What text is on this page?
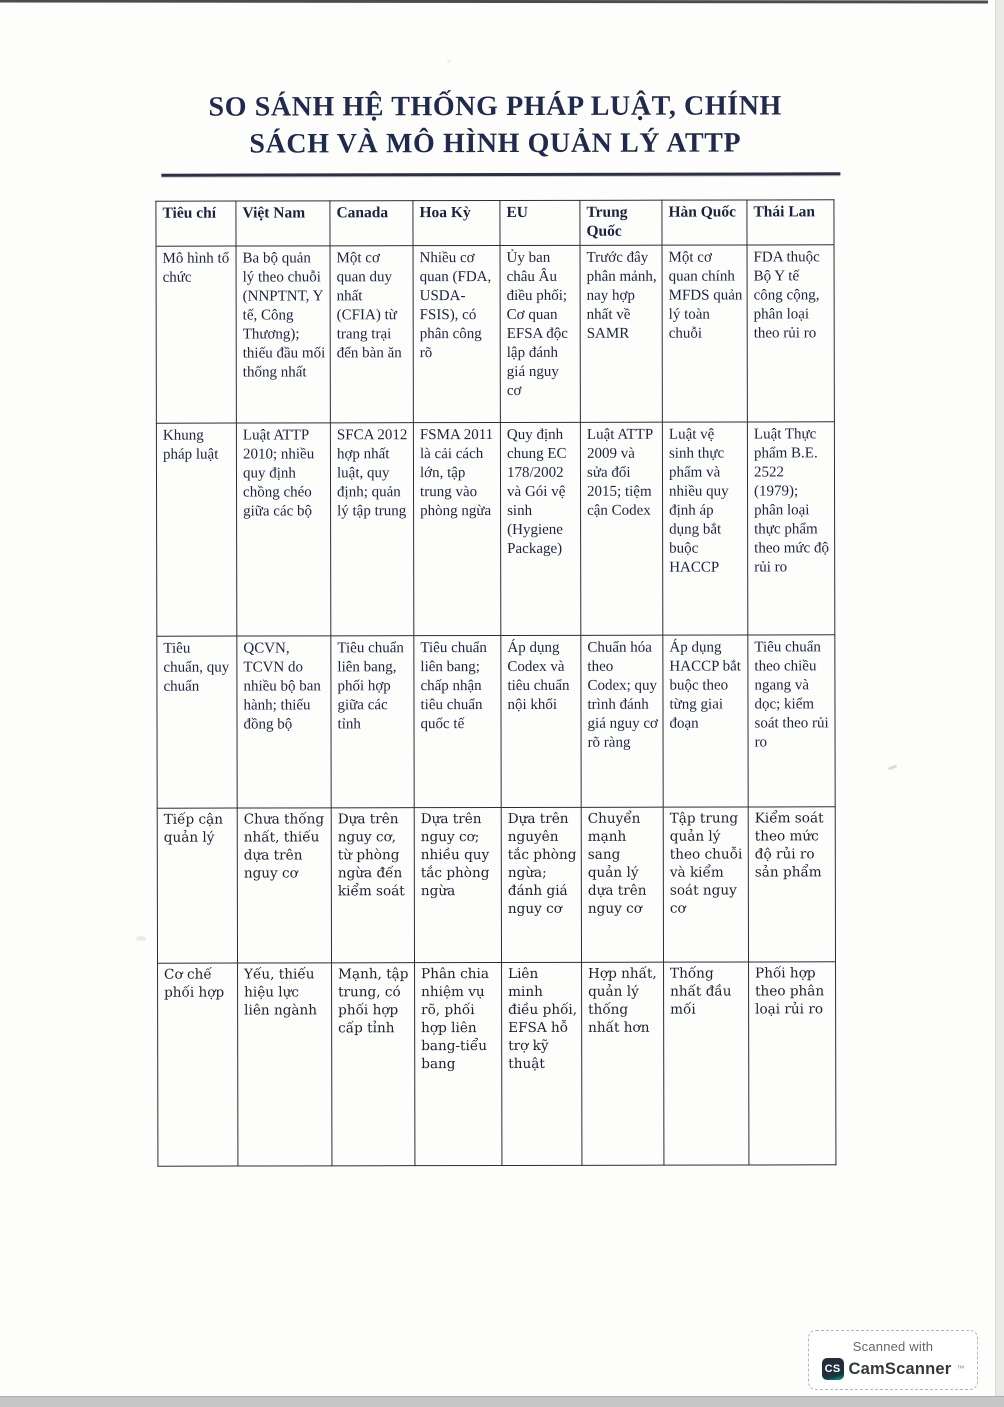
SO SÁNH HỆ THỐNG PHÁP LUẬT, CHÍNH
SÁCH VÀ MÔ HÌNH QUẢN LÝ ATTP
Tiêu chí	Việt Nam	Canada	Hoa Kỳ	EU	Trung Quốc	Hàn Quốc	Thái Lan
Mô hình tổ chức	Ba bộ quản lý theo chuỗi (NNPTNT, Y tế, Công Thương); thiếu đầu mối thống nhất	Một cơ quan duy nhất (CFIA) từ trang trại đến bàn ăn	Nhiều cơ quan (FDA, USDA-FSIS), có phân công rõ	Ủy ban châu Âu điều phối; Cơ quan EFSA độc lập đánh giá nguy cơ	Trước đây phân mảnh, nay hợp nhất về SAMR	Một cơ quan chính MFDS quản lý toàn chuỗi	FDA thuộc Bộ Y tế công cộng, phân loại theo rủi ro
Khung pháp luật	Luật ATTP 2010; nhiều quy định chồng chéo giữa các bộ	SFCA 2012 hợp nhất luật, quy định; quản lý tập trung	FSMA 2011 là cải cách lớn, tập trung vào phòng ngừa	Quy định chung EC 178/2002 và Gói vệ sinh (Hygiene Package)	Luật ATTP 2009 và sửa đổi 2015; tiệm cận Codex	Luật vệ sinh thực phẩm và nhiều quy định áp dụng bắt buộc HACCP	Luật Thực phẩm B.E. 2522 (1979); phân loại thực phẩm theo mức độ rủi ro
Tiêu chuẩn, quy chuẩn	QCVN, TCVN do nhiều bộ ban hành; thiếu đồng bộ	Tiêu chuẩn liên bang, phối hợp giữa các tỉnh	Tiêu chuẩn liên bang; chấp nhận tiêu chuẩn quốc tế	Áp dụng Codex và tiêu chuẩn nội khối	Chuẩn hóa theo Codex; quy trình đánh giá nguy cơ rõ ràng	Áp dụng HACCP bắt buộc theo từng giai đoạn	Tiêu chuẩn theo chiều ngang và dọc; kiểm soát theo rủi ro
Tiếp cận quản lý	Chưa thống nhất, thiếu dựa trên nguy cơ	Dựa trên nguy cơ, từ phòng ngừa đến kiểm soát	Dựa trên nguy cơ; nhiều quy tắc phòng ngừa	Dựa trên nguyên tắc phòng ngừa; đánh giá nguy cơ	Chuyển mạnh sang quản lý dựa trên nguy cơ	Tập trung quản lý theo chuỗi và kiểm soát nguy cơ	Kiểm soát theo mức độ rủi ro sản phẩm
Cơ chế phối hợp	Yếu, thiếu hiệu lực liên ngành	Mạnh, tập trung, có phối hợp cấp tỉnh	Phân chia nhiệm vụ rõ, phối hợp liên bang-tiểu bang	Liên minh điều phối, EFSA hỗ trợ kỹ thuật	Hợp nhất, quản lý thống nhất hơn	Thống nhất đầu mối	Phối hợp theo phân loại rủi ro
Scanned with
CS CamScanner ™
